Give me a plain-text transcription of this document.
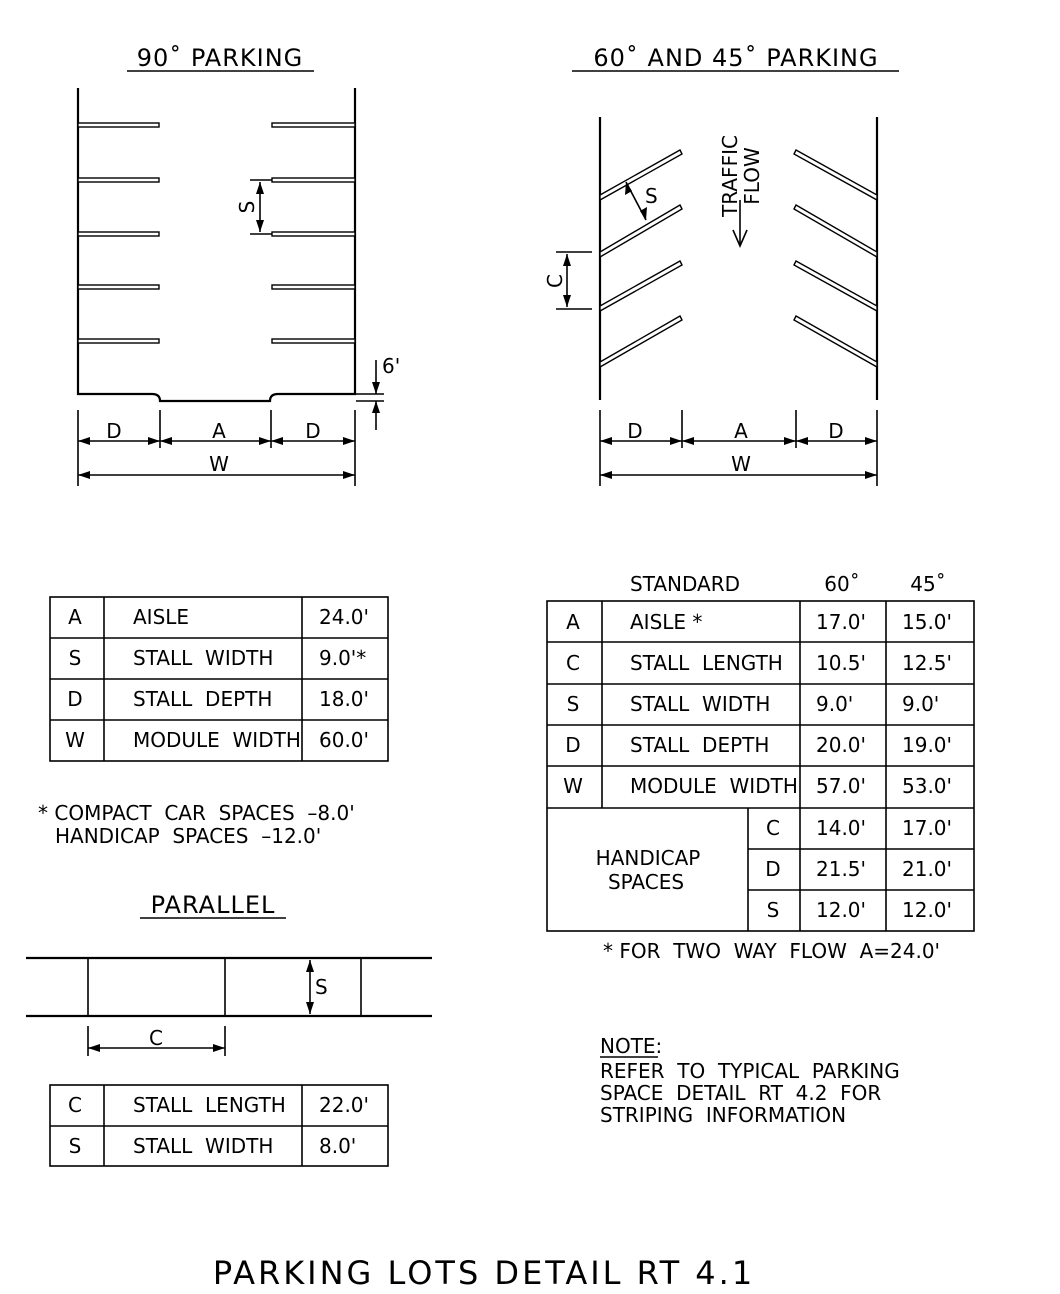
90˚ PARKING
S
6'
D	A	D
W
60˚ AND 45˚ PARKING
S
C
TRAFFIC
FLOW
D	A	D
W
A	AISLE	24.0'
S	STALL  WIDTH 9.0'*
D	STALL  DEPTH 18.0'
W MODULE  WIDTH 60.0'
* COMPACT  CAR  SPACES  –8.0'
HANDICAP  SPACES  –12.0'
PARALLEL
S
C
C	STALL  LENGTH 22.0'
S	STALL  WIDTH 8.0'
STANDARD	60˚	45˚
A	AISLE *	17.0' 15.0'
C	STALL  LENGTH 10.5' 12.5'
S	STALL  WIDTH 9.0' 9.0'
D STALL  DEPTH 20.0' 19.0'
W MODULE  WIDTH 57.0' 53.0'
HANDICAP
SPACES
C 14.0' 17.0'
D 21.5' 21.0'
S 12.0' 12.0'
* FOR  TWO  WAY  FLOW  A=24.0'
NOTE:
REFER  TO  TYPICAL  PARKING
SPACE  DETAIL  RT  4.2  FOR
STRIPING  INFORMATION
PARKING LOTS DETAIL RT 4.1
